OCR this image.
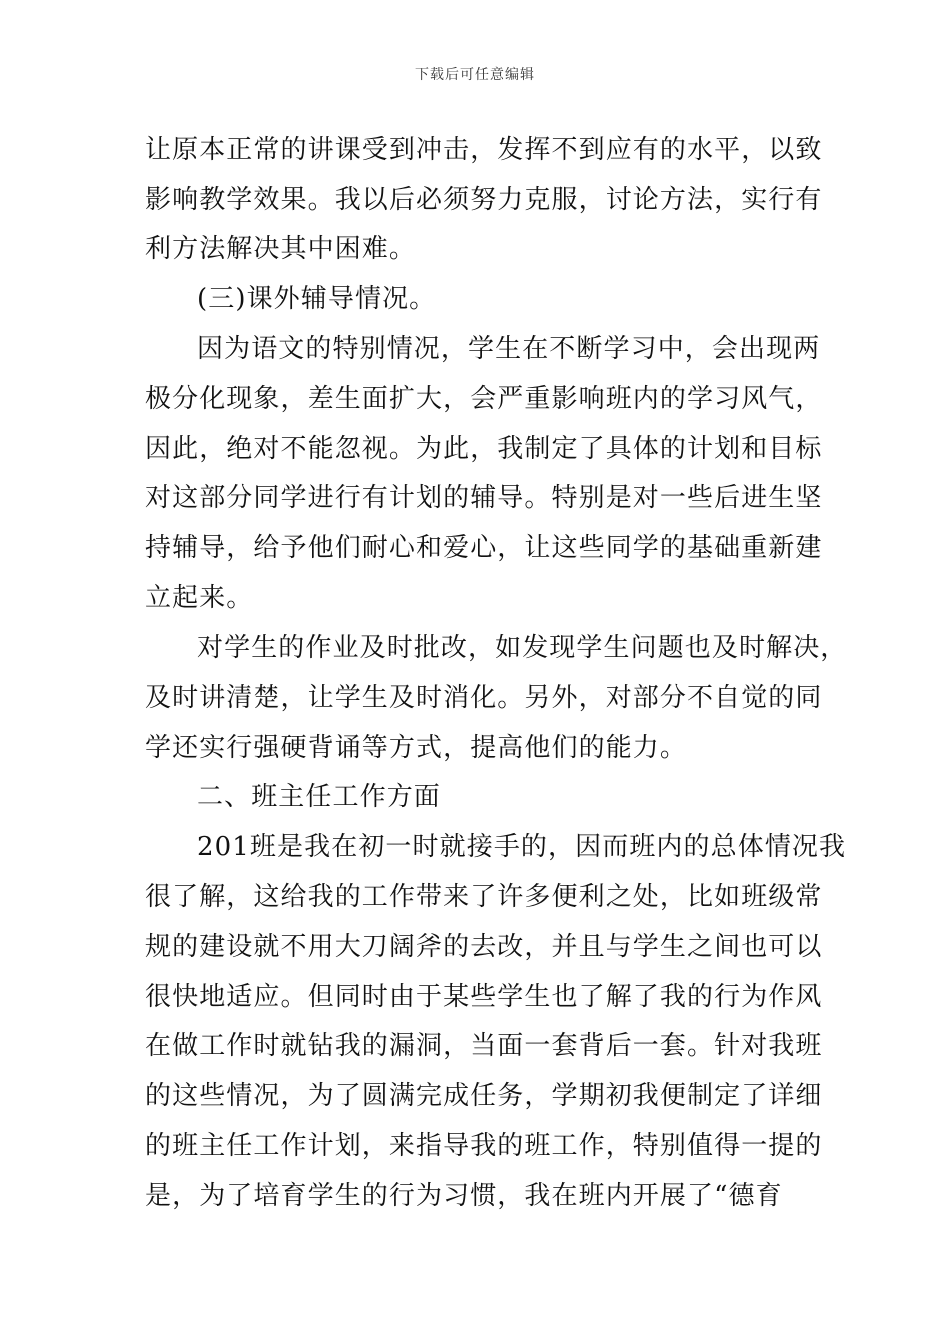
下载后可任意编辑
让原本正常的讲课受到冲击，发挥不到应有的水平，以致
影响教学效果。我以后必须努力克服，讨论方法，实行有
利方法解决其中困难。
(三)课外辅导情况。
因为语文的特别情况，学生在不断学习中，会出现两
极分化现象，差生面扩大，会严重影响班内的学习风气，
因此，绝对不能忽视。为此，我制定了具体的计划和目标
对这部分同学进行有计划的辅导。特别是对一些后进生坚
持辅导，给予他们耐心和爱心，让这些同学的基础重新建
立起来。
对学生的作业及时批改，如发现学生问题也及时解决，
及时讲清楚，让学生及时消化。另外，对部分不自觉的同
学还实行强硬背诵等方式，提高他们的能力。
二、班主任工作方面
201班是我在初一时就接手的，因而班内的总体情况我
很了解，这给我的工作带来了许多便利之处，比如班级常
规的建设就不用大刀阔斧的去改，并且与学生之间也可以
很快地适应。但同时由于某些学生也了解了我的行为作风
在做工作时就钻我的漏洞，当面一套背后一套。针对我班
的这些情况，为了圆满完成任务，学期初我便制定了详细
的班主任工作计划，来指导我的班工作，特别值得一提的
是，为了培育学生的行为习惯，我在班内开展了“德育
